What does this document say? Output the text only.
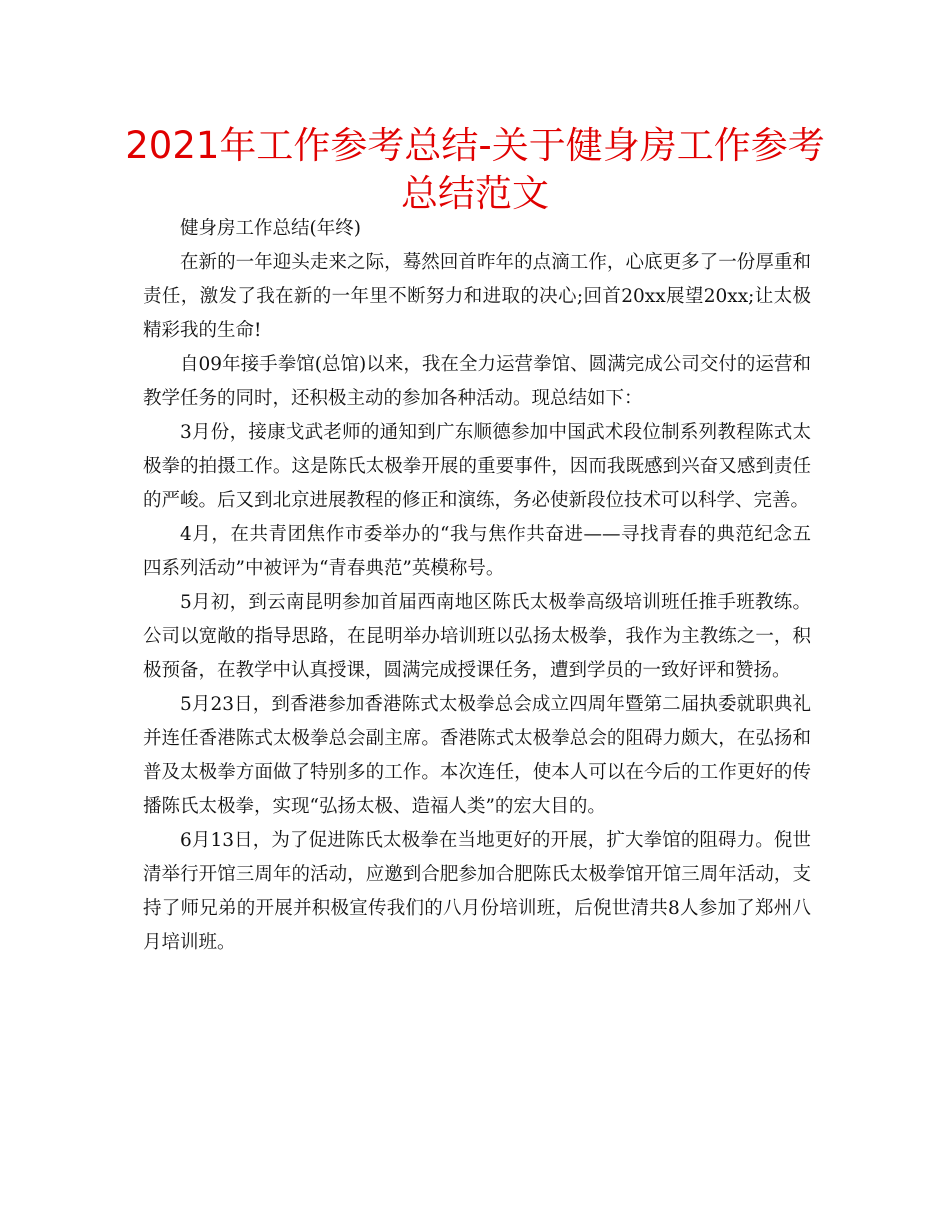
2021年工作参考总结-关于健身房工作参考总结范文

健身房工作总结(年终)

在新的一年迎头走来之际，蓦然回首昨年的点滴工作，心底更多了一份厚重和责任，激发了我在新的一年里不断努力和进取的决心;回首20xx展望20xx;让太极精彩我的生命!

自09年接手拳馆(总馆)以来，我在全力运营拳馆、圆满完成公司交付的运营和教学任务的同时，还积极主动的参加各种活动。现总结如下：

3月份，接康戈武老师的通知到广东顺德参加中国武术段位制系列教程陈式太极拳的拍摄工作。这是陈氏太极拳开展的重要事件，因而我既感到兴奋又感到责任的严峻。后又到北京进展教程的修正和演练，务必使新段位技术可以科学、完善。

4月，在共青团焦作市委举办的“我与焦作共奋进——寻找青春的典范纪念五四系列活动”中被评为“青春典范”英模称号。

5月初，到云南昆明参加首届西南地区陈氏太极拳高级培训班任推手班教练。公司以宽敞的指导思路，在昆明举办培训班以弘扬太极拳，我作为主教练之一，积极预备，在教学中认真授课，圆满完成授课任务，遭到学员的一致好评和赞扬。

5月23日，到香港参加香港陈式太极拳总会成立四周年暨第二届执委就职典礼并连任香港陈式太极拳总会副主席。香港陈式太极拳总会的阻碍力颇大，在弘扬和普及太极拳方面做了特别多的工作。本次连任，使本人可以在今后的工作更好的传播陈氏太极拳，实现“弘扬太极、造福人类”的宏大目的。

6月13日，为了促进陈氏太极拳在当地更好的开展，扩大拳馆的阻碍力。倪世清举行开馆三周年的活动，应邀到合肥参加合肥陈氏太极拳馆开馆三周年活动，支持了师兄弟的开展并积极宣传我们的八月份培训班，后倪世清共8人参加了郑州八月培训班。
